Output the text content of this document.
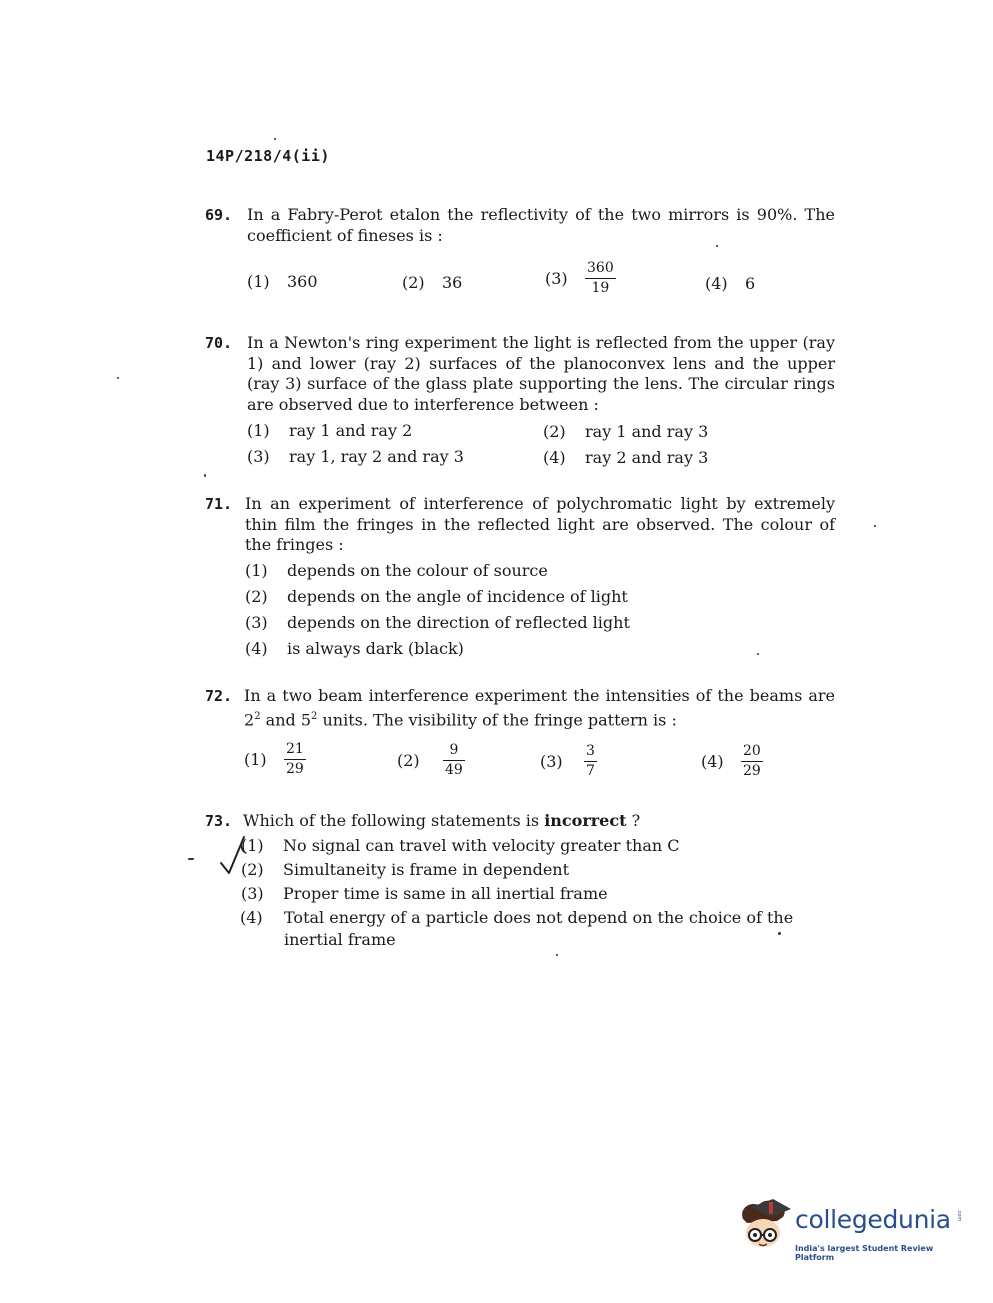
14P/218/4(ii)
69. In a Fabry-Perot etalon the reflectivity of the two mirrors is 90%. The coefficient of fineses is :
(1) 360	(2) 36	(3)	$\frac{360}{19}$	(4) 6
70. In a Newton's ring experiment the light is reflected from the upper (ray 1) and lower (ray 2) surfaces of the planoconvex lens and the upper (ray 3) surface of the glass plate supporting the lens. The circular rings are observed due to interference between :
(1) ray 1 and ray 2	(2) ray 1 and ray 3
(3) ray 1, ray 2 and ray 3	(4) ray 2 and ray 3
71. In an experiment of interference of polychromatic light by extremely thin film the fringes in the reflected light are observed. The colour of the fringes :
(1) depends on the colour of source
(2) depends on the angle of incidence of light
(3) depends on the direction of reflected light
(4) is always dark (black)
72. In a two beam interference experiment the intensities of the beams are $2^2$ and $5^2$ units. The visibility of the fringe pattern is :
(1)	$\frac{21}{29}$	(2)	$\frac{9}{49}$	(3)	$\frac{3}{7}$	(4)	$\frac{20}{29}$
73. Which of the following statements is incorrect ?
(1) No signal can travel with velocity greater than C
(2) Simultaneity is frame in dependent
(3) Proper time is same in all inertial frame
(4) Total energy of a particle does not depend on the choice of the
inertial frame
collegedunia .com
India's largest Student Review Platform
